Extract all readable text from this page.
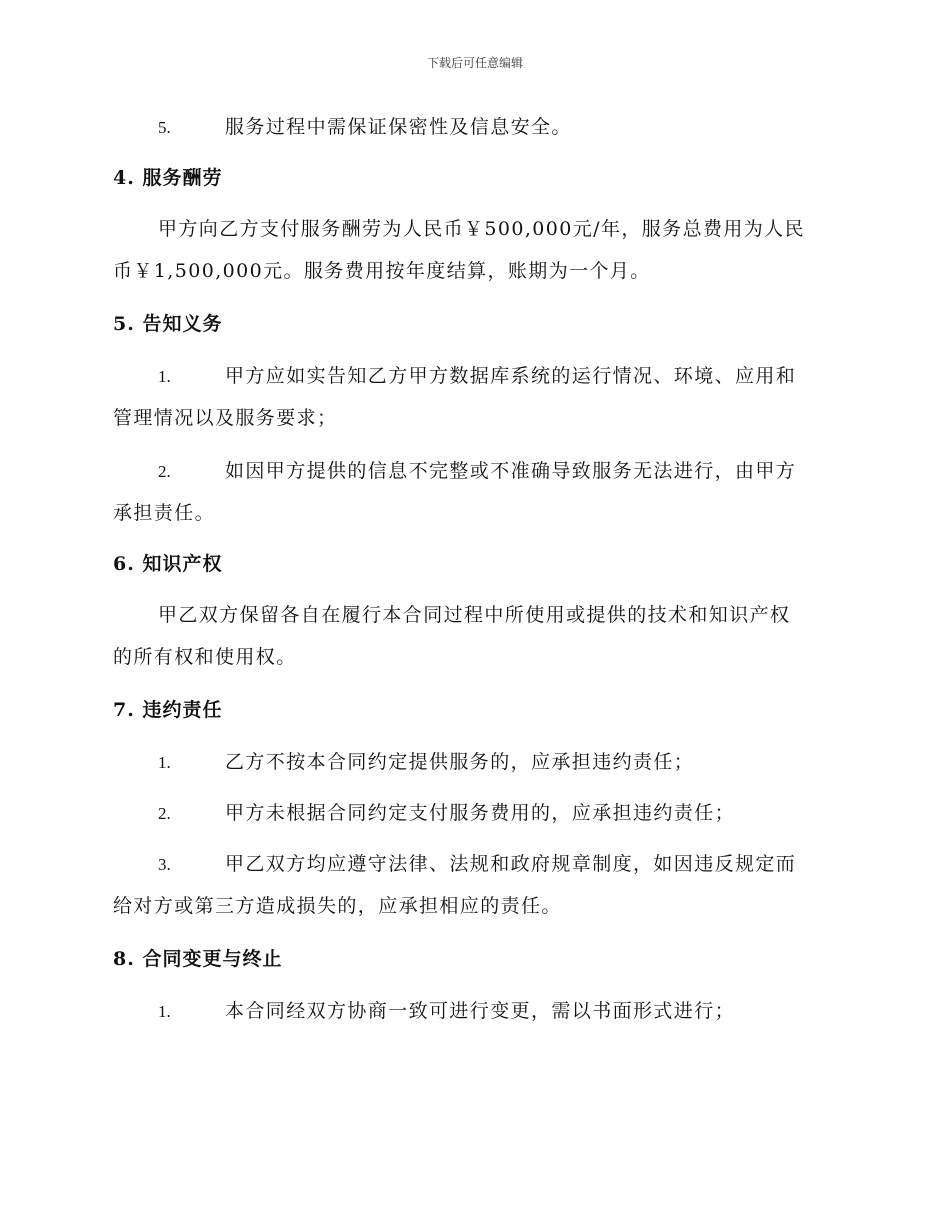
下载后可任意编辑
5.	服务过程中需保证保密性及信息安全。
4. 服务酬劳
甲方向乙方支付服务酬劳为人民币￥500,000元/年，服务总费用为人民
币￥1,500,000元。服务费用按年度结算，账期为一个月。
5. 告知义务
1.	甲方应如实告知乙方甲方数据库系统的运行情况、环境、应用和
管理情况以及服务要求；
2.	如因甲方提供的信息不完整或不准确导致服务无法进行，由甲方
承担责任。
6. 知识产权
甲乙双方保留各自在履行本合同过程中所使用或提供的技术和知识产权
的所有权和使用权。
7. 违约责任
1.	乙方不按本合同约定提供服务的，应承担违约责任；
2.	甲方未根据合同约定支付服务费用的，应承担违约责任；
3.	甲乙双方均应遵守法律、法规和政府规章制度，如因违反规定而
给对方或第三方造成损失的，应承担相应的责任。
8. 合同变更与终止
1.	本合同经双方协商一致可进行变更，需以书面形式进行；
